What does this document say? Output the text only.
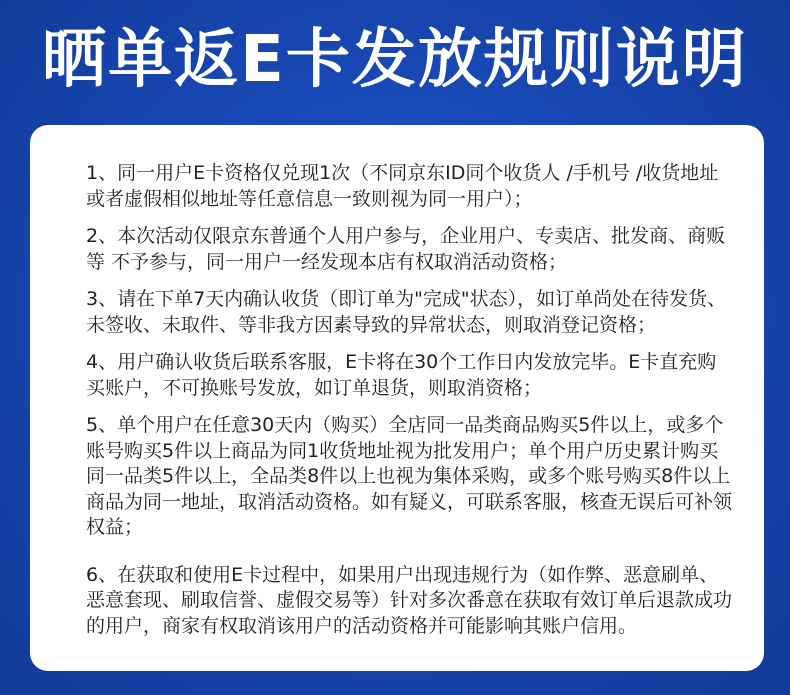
晒单返E卡发放规则说明

1、同一用户E卡资格仅兑现1次（不同京东ID同个收货人 /手机号 /收货地址或者虚假相似地址等任意信息一致则视为同一用户）；

2、本次活动仅限京东普通个人用户参与，企业用户、专卖店、批发商、商贩等 不予参与，同一用户一经发现本店有权取消活动资格；

3、请在下单7天内确认收货（即订单为"完成"状态），如订单尚处在待发货、未签收、未取件、等非我方因素导致的异常状态，则取消登记资格；

4、用户确认收货后联系客服，E卡将在30个工作日内发放完毕。E卡直充购买账户，不可换账号发放，如订单退货，则取消资格；

5、单个用户在任意30天内（购买）全店同一品类商品购买5件以上，或多个账号购买5件以上商品为同1收货地址视为批发用户；单个用户历史累计购买同一品类5件以上，全品类8件以上也视为集体采购，或多个账号购买8件以上商品为同一地址，取消活动资格。如有疑义，可联系客服，核查无误后可补领权益；

6、在获取和使用E卡过程中，如果用户出现违规行为（如作弊、恶意刷单、恶意套现、刷取信誉、虚假交易等）针对多次番意在获取有效订单后退款成功的用户，商家有权取消该用户的活动资格并可能影响其账户信用。
